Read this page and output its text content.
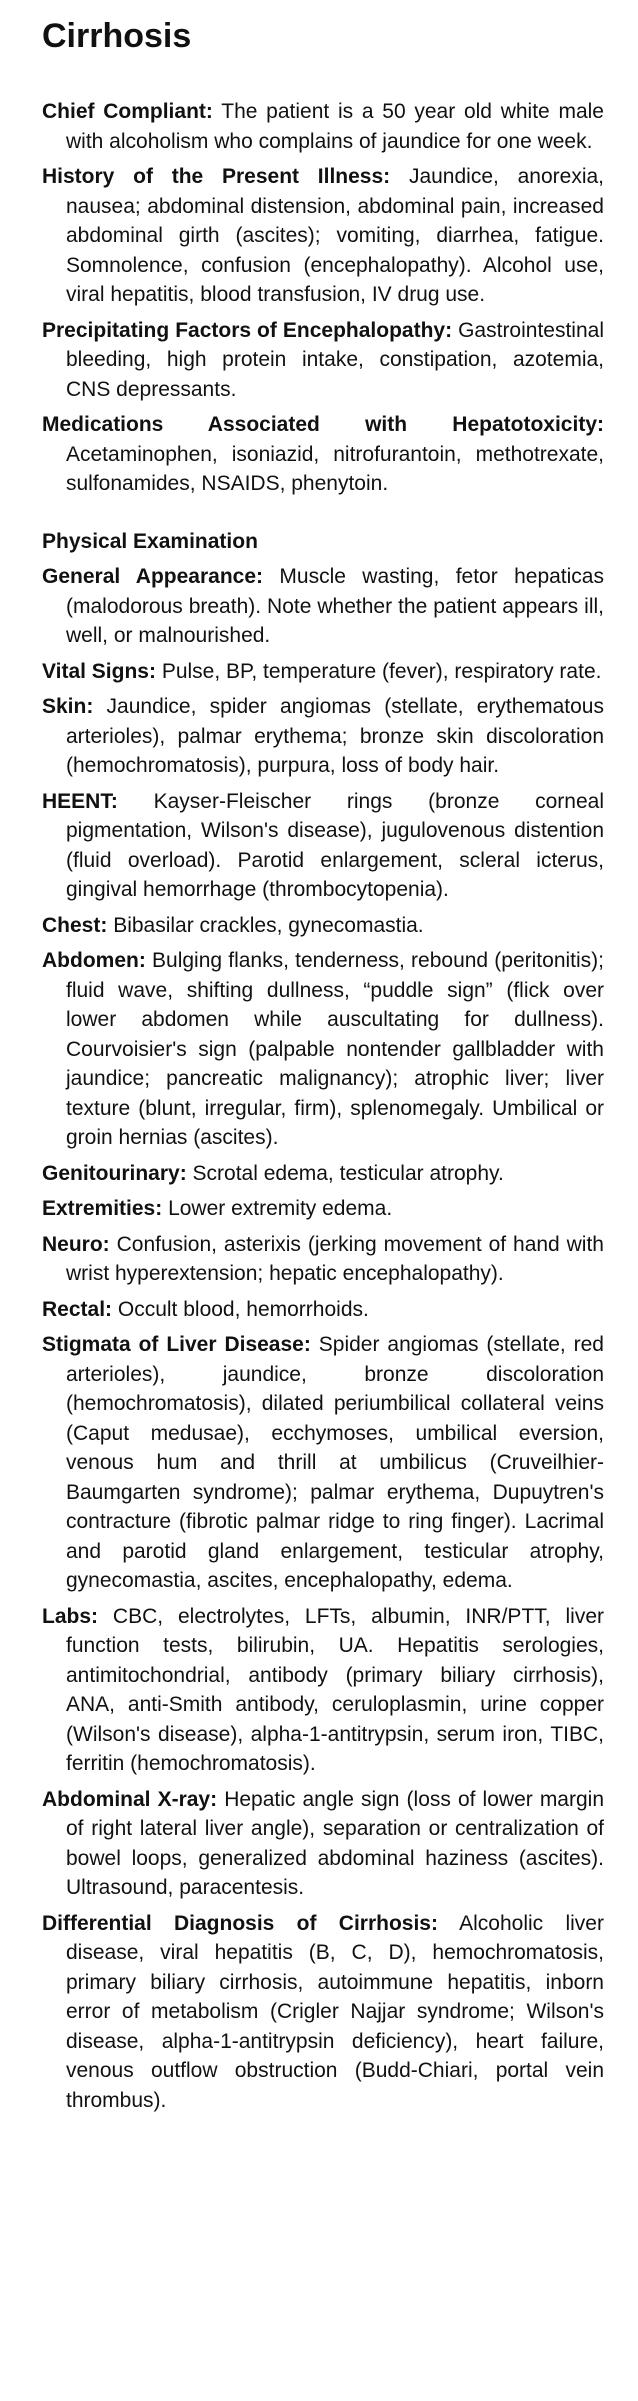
Cirrhosis

Chief Compliant: The patient is a 50 year old white male with alcoholism who complains of jaundice for one week.

History of the Present Illness: Jaundice, anorexia, nausea; abdominal distension, abdominal pain, increased abdominal girth (ascites); vomiting, diarrhea, fatigue. Somnolence, confusion (encephalopathy). Alcohol use, viral hepatitis, blood transfusion, IV drug use.

Precipitating Factors of Encephalopathy: Gastrointestinal bleeding, high protein intake, constipation, azotemia, CNS depressants.

Medications Associated with Hepatotoxicity: Acetaminophen, isoniazid, nitrofurantoin, methotrexate, sulfonamides, NSAIDS, phenytoin.

Physical Examination

General Appearance: Muscle wasting, fetor hepaticas (malodorous breath). Note whether the patient appears ill, well, or malnourished.

Vital Signs: Pulse, BP, temperature (fever), respiratory rate.

Skin: Jaundice, spider angiomas (stellate, erythematous arterioles), palmar erythema; bronze skin discoloration (hemochromatosis), purpura, loss of body hair.

HEENT: Kayser-Fleischer rings (bronze corneal pigmentation, Wilson's disease), jugulovenous distention (fluid overload). Parotid enlargement, scleral icterus, gingival hemorrhage (thrombocytopenia).

Chest: Bibasilar crackles, gynecomastia.

Abdomen: Bulging flanks, tenderness, rebound (peritonitis); fluid wave, shifting dullness, “puddle sign” (flick over lower abdomen while auscultating for dullness). Courvoisier's sign (palpable nontender gallbladder with jaundice; pancreatic malignancy); atrophic liver; liver texture (blunt, irregular, firm), splenomegaly. Umbilical or groin hernias (ascites).

Genitourinary: Scrotal edema, testicular atrophy.

Extremities: Lower extremity edema.

Neuro: Confusion, asterixis (jerking movement of hand with wrist hyperextension; hepatic encephalopathy).

Rectal: Occult blood, hemorrhoids.

Stigmata of Liver Disease: Spider angiomas (stellate, red arterioles), jaundice, bronze discoloration (hemochromatosis), dilated periumbilical collateral veins (Caput medusae), ecchymoses, umbilical eversion, venous hum and thrill at umbilicus (Cruveilhier-Baumgarten syndrome); palmar erythema, Dupuytren's contracture (fibrotic palmar ridge to ring finger). Lacrimal and parotid gland enlargement, testicular atrophy, gynecomastia, ascites, encephalopathy, edema.

Labs: CBC, electrolytes, LFTs, albumin, INR/PTT, liver function tests, bilirubin, UA. Hepatitis serologies, antimitochondrial, antibody (primary biliary cirrhosis), ANA, anti-Smith antibody, ceruloplasmin, urine copper (Wilson's disease), alpha-1-antitrypsin, serum iron, TIBC, ferritin (hemochromatosis).

Abdominal X-ray: Hepatic angle sign (loss of lower margin of right lateral liver angle), separation or centralization of bowel loops, generalized abdominal haziness (ascites). Ultrasound, paracentesis.

Differential Diagnosis of Cirrhosis: Alcoholic liver disease, viral hepatitis (B, C, D), hemochromatosis, primary biliary cirrhosis, autoimmune hepatitis, inborn error of metabolism (Crigler Najjar syndrome; Wilson's disease, alpha-1-antitrypsin deficiency), heart failure, venous outflow obstruction (Budd-Chiari, portal vein thrombus).
